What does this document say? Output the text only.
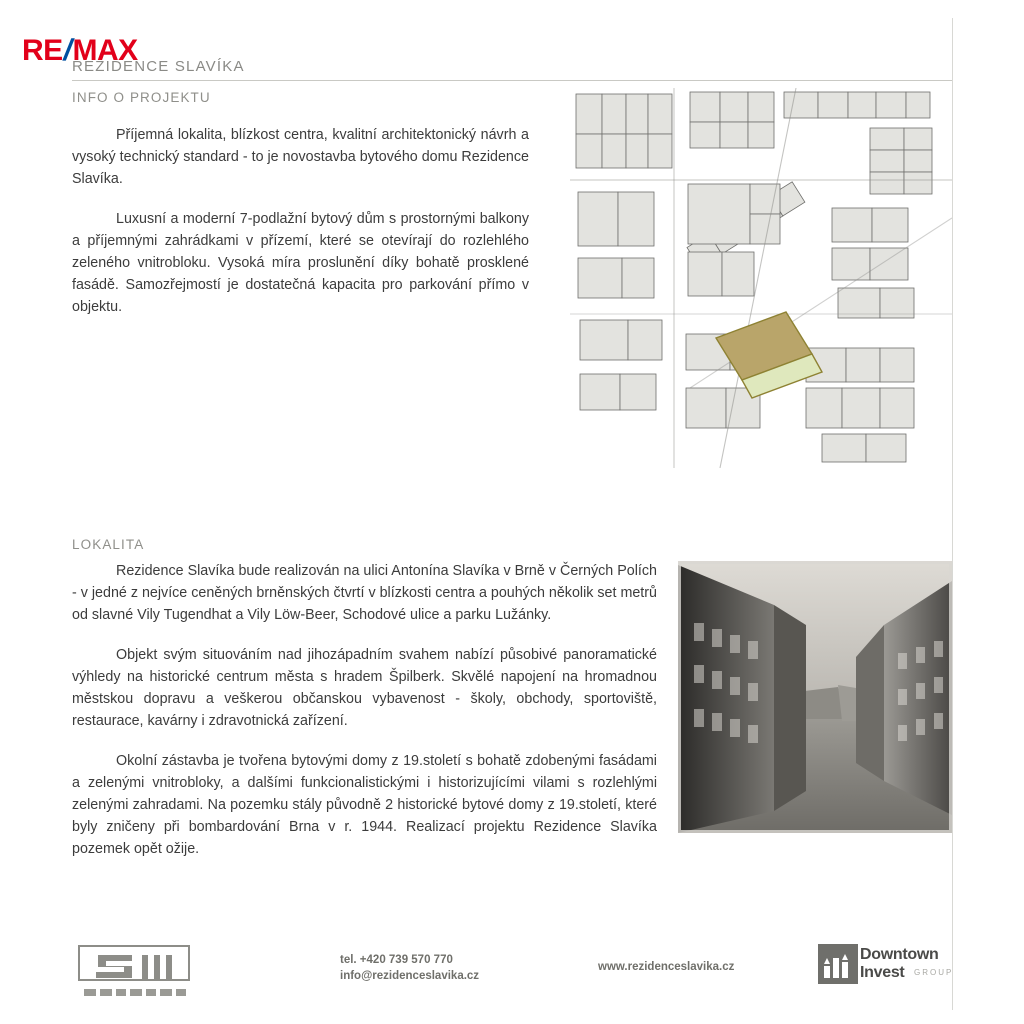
RE/MAX
REZIDENCE SLAVÍKA
INFO O PROJEKTU

Příjemná lokalita, blízkost centra, kvalitní architektonický návrh a vysoký technický standard - to je novostavba bytového domu Rezidence Slavíka.

Luxusní a moderní 7-podlažní bytový dům s prostornými balkony a příjemnými zahrádkami v přízemí, které se otevírají do rozlehlého zeleného vnitrobloku. Vysoká míra proslunění díky bohatě prosklené fasádě. Samozřejmostí je dostatečná kapacita pro parkování přímo v objektu.

LOKALITA

Rezidence Slavíka bude realizován na ulici Antonína Slavíka v Brně v Černých Polích - v jedné z nejvíce ceněných brněnských čtvrtí v blízkosti centra a pouhých několik set metrů od slavné Vily Tugendhat a Vily Löw-Beer, Schodové ulice a parku Lužánky.

Objekt svým situováním nad jihozápadním svahem nabízí působivé panoramatické výhledy na historické centrum města s hradem Špilberk. Skvělé napojení na hromadnou městskou dopravu a veškerou občanskou vybavenost - školy, obchody, sportoviště, restaurace, kavárny i zdravotnická zařízení.

Okolní zástavba je tvořena bytovými domy z 19.století s bohatě zdobenými fasádami a zelenými vnitrobloky, a dalšími funkcionalistickými i historizujícími vilami s rozlehlými zelenými zahradami. Na pozemku stály původně 2 historické bytové domy z 19.století, které byly zničeny při bombardování Brna v r. 1944. Realizací projektu Rezidence Slavíka pozemek opět ožije.

tel. +420 739 570 770
info@rezidenceslavika.cz
www.rezidenceslavika.cz
Downtown
Invest	GROUP
